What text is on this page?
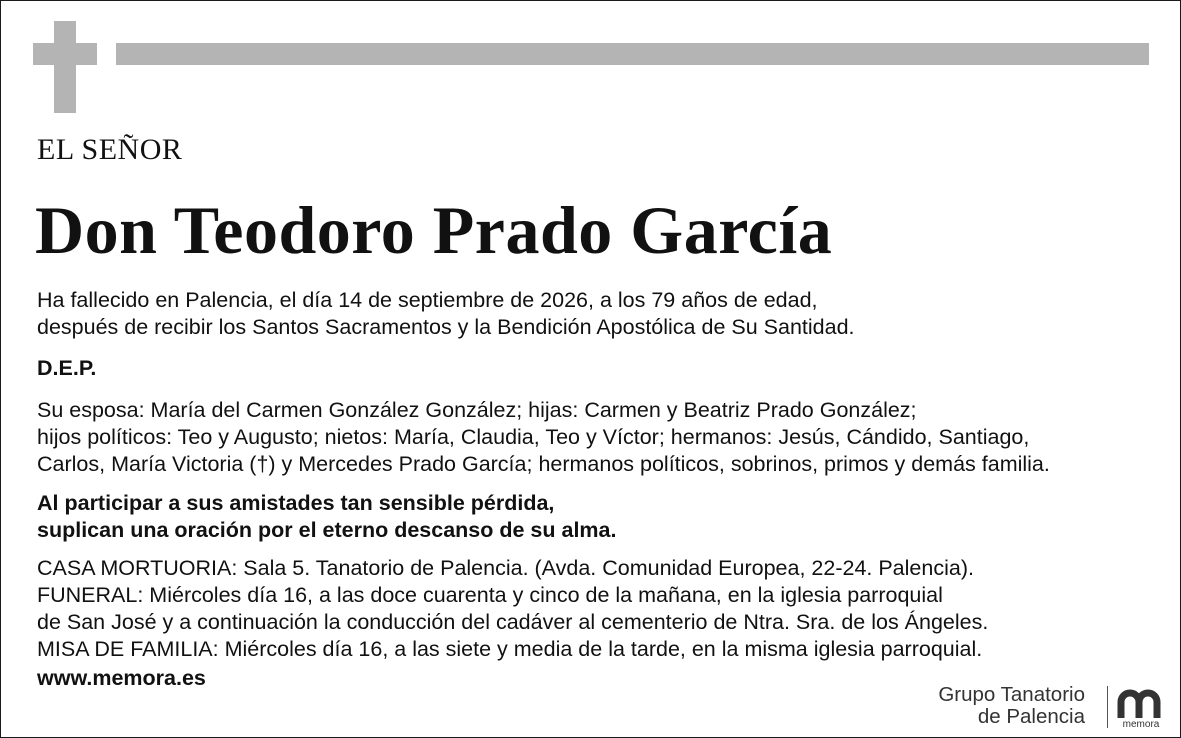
EL SEÑOR
Don Teodoro Prado García
Ha fallecido en Palencia, el día 14 de septiembre de 2026, a los 79 años de edad,
después de recibir los Santos Sacramentos y la Bendición Apostólica de Su Santidad.
D.E.P.
Su esposa: María del Carmen González González; hijas: Carmen y Beatriz Prado González;
hijos políticos: Teo y Augusto; nietos: María, Claudia, Teo y Víctor; hermanos: Jesús, Cándido, Santiago,
Carlos, María Victoria (†) y Mercedes Prado García; hermanos políticos, sobrinos, primos y demás familia.
Al participar a sus amistades tan sensible pérdida,
suplican una oración por el eterno descanso de su alma.
CASA MORTUORIA: Sala 5. Tanatorio de Palencia. (Avda. Comunidad Europea, 22-24. Palencia).
FUNERAL: Miércoles día 16, a las doce cuarenta y cinco de la mañana, en la iglesia parroquial
de San José y a continuación la conducción del cadáver al cementerio de Ntra. Sra. de los Ángeles.
MISA DE FAMILIA: Miércoles día 16, a las siete y media de la tarde, en la misma iglesia parroquial.
www.memora.es
Grupo Tanatorio
de Palencia	memora
